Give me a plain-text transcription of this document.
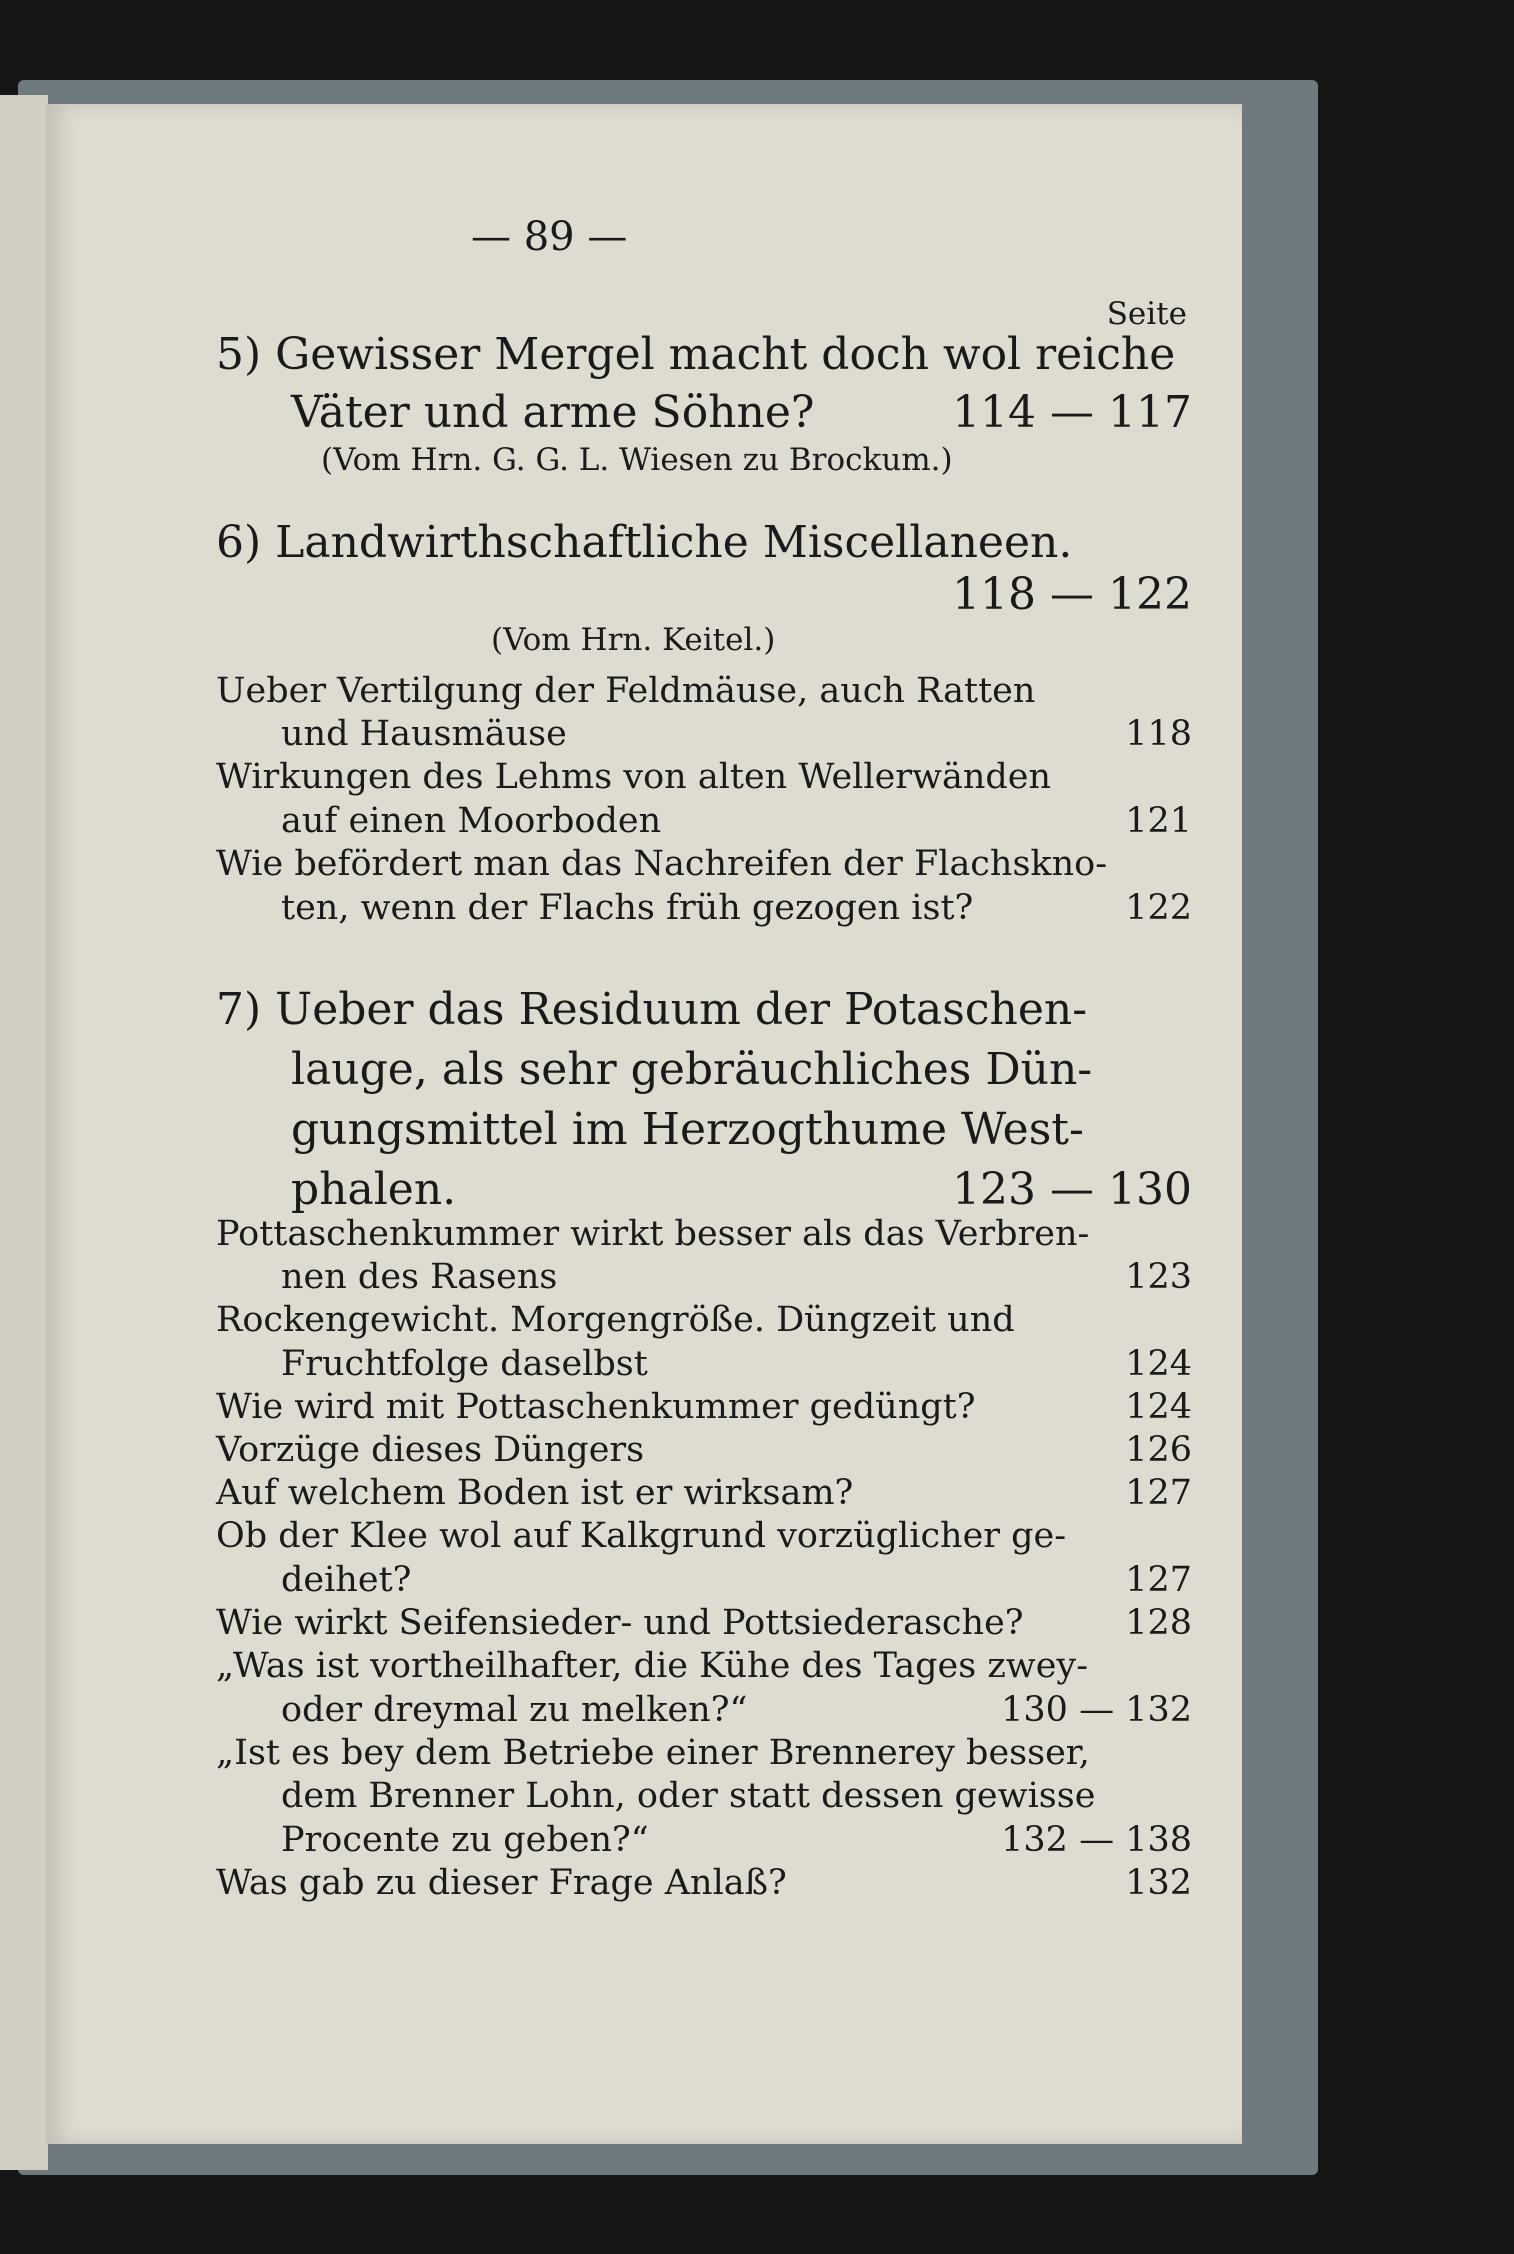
— 89 —
Seite
5) Gewisser Mergel macht doch wol reiche
Väter und arme Söhne?	114 — 117
(Vom Hrn. G. G. L. Wiesen zu Brockum.)
6) Landwirthschaftliche Miscellaneen.
118 — 122
(Vom Hrn. Keitel.)
Ueber Vertilgung der Feldmäuse, auch Ratten
und Hausmäuse	118
Wirkungen des Lehms von alten Wellerwänden
auf einen Moorboden	121
Wie befördert man das Nachreifen der Flachskno-
ten, wenn der Flachs früh gezogen ist?	122
7) Ueber das Residuum der Potaschen-
lauge, als sehr gebräuchliches Dün-
gungsmittel im Herzogthume West-
phalen.	123 — 130
Pottaschenkummer wirkt besser als das Verbren-
nen des Rasens	123
Rockengewicht. Morgengröße. Düngzeit und
Fruchtfolge daselbst	124
Wie wird mit Pottaschenkummer gedüngt?	124
Vorzüge dieses Düngers	126
Auf welchem Boden ist er wirksam?	127
Ob der Klee wol auf Kalkgrund vorzüglicher ge-
deihet?	127
Wie wirkt Seifensieder- und Pottsiederasche?	128
„Was ist vortheilhafter, die Kühe des Tages zwey-
oder dreymal zu melken?“	130 — 132
„Ist es bey dem Betriebe einer Brennerey besser,
dem Brenner Lohn, oder statt dessen gewisse
Procente zu geben?“	132 — 138
Was gab zu dieser Frage Anlaß?	132
